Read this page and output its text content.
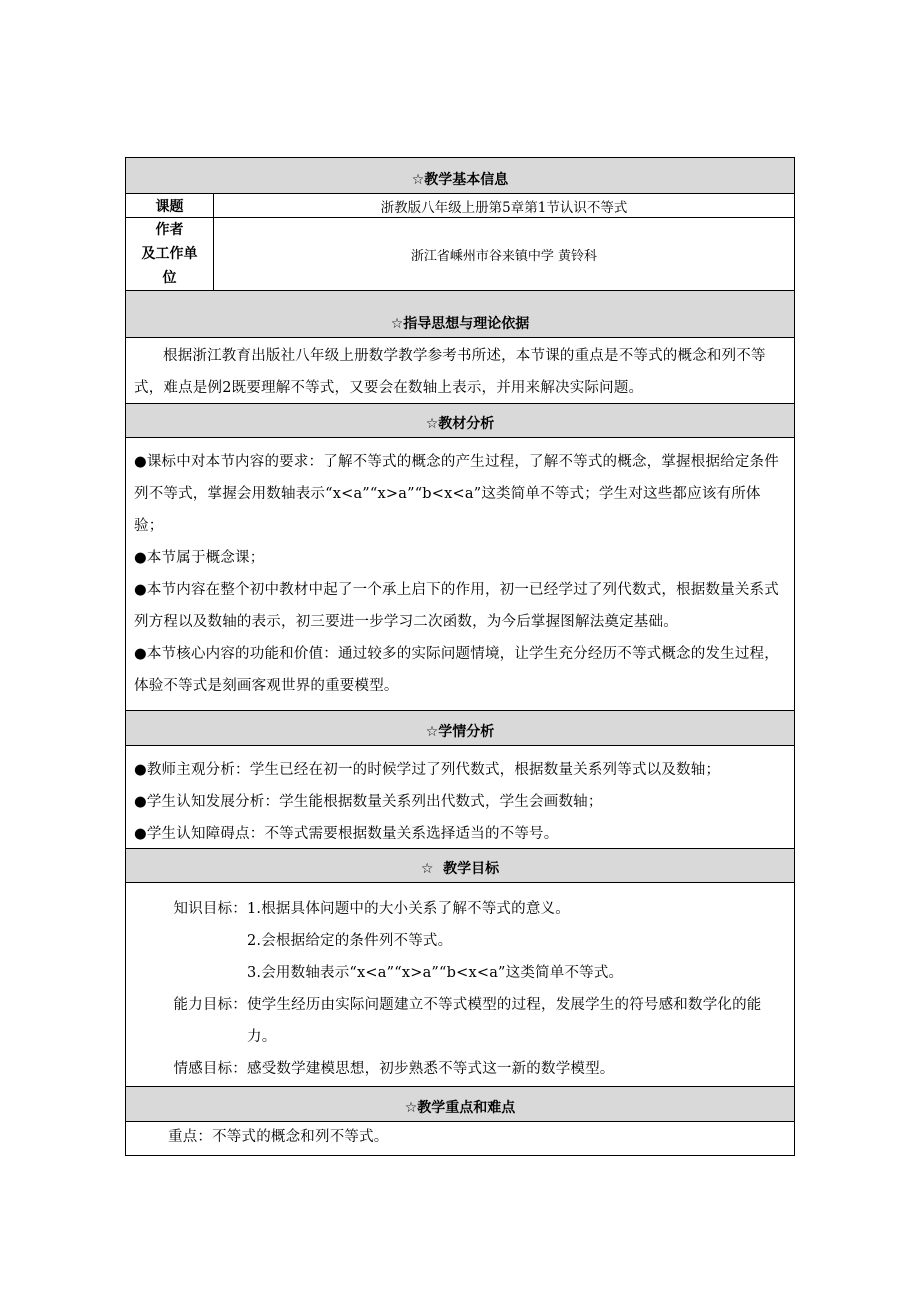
☆教学基本信息
课题	浙教版八年级上册第5章第1节认识不等式
作者
及工作单
位
浙江省嵊州市谷来镇中学 黄铃科
☆指导思想与理论依据

根据浙江教育出版社八年级上册数学教学参考书所述，本节课的重点是不等式的概念和列不等式，难点是例2既要理解不等式，又要会在数轴上表示，并用来解决实际问题。

☆教材分析

●课标中对本节内容的要求：了解不等式的概念的产生过程，了解不等式的概念，掌握根据给定条件列不等式，掌握会用数轴表示“x<a”“x>a”“b<x<a”这类简单不等式；学生对这些都应该有所体验；

●本节属于概念课；

●本节内容在整个初中教材中起了一个承上启下的作用，初一已经学过了列代数式，根据数量关系式列方程以及数轴的表示，初三要进一步学习二次函数，为今后掌握图解法奠定基础。

●本节核心内容的功能和价值：通过较多的实际问题情境，让学生充分经历不等式概念的发生过程，体验不等式是刻画客观世界的重要模型。

☆学情分析

●教师主观分析：学生已经在初一的时候学过了列代数式，根据数量关系列等式以及数轴；

●学生认知发展分析：学生能根据数量关系列出代数式，学生会画数轴；

●学生认知障碍点：不等式需要根据数量关系选择适当的不等号。

☆  教学目标
知识目标： 1.根据具体问题中的大小关系了解不等式的意义。
2.会根据给定的条件列不等式。
3.会用数轴表示“x<a”“x>a”“b<x<a”这类简单不等式。
能力目标： 使学生经历由实际问题建立不等式模型的过程，发展学生的符号感和数学化的能力。
情感目标： 感受数学建模思想，初步熟悉不等式这一新的数学模型。
☆教学重点和难点

重点：不等式的概念和列不等式。
